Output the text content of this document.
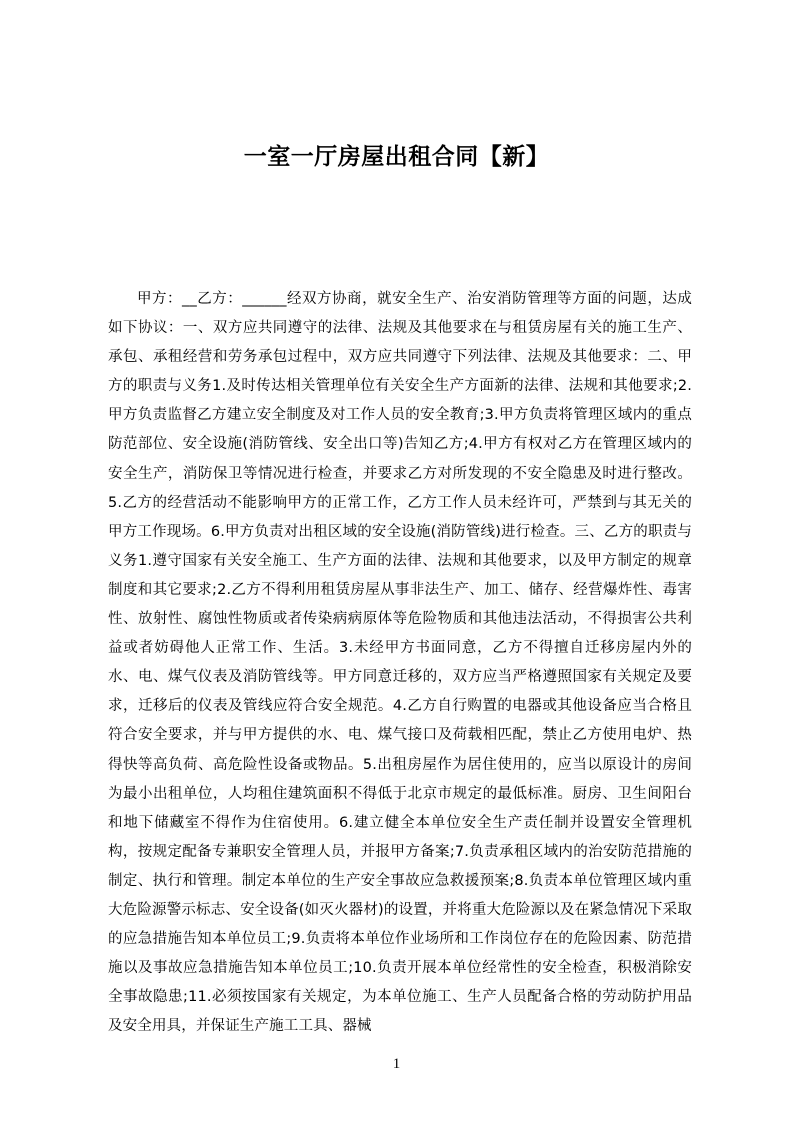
一室一厅房屋出租合同【新】

甲方：__乙方：______经双方协商，就安全生产、治安消防管理等方面的问题，达成如下协议：一、双方应共同遵守的法律、法规及其他要求在与租赁房屋有关的施工生产、承包、承租经营和劳务承包过程中，双方应共同遵守下列法律、法规及其他要求：二、甲方的职责与义务1.及时传达相关管理单位有关安全生产方面新的法律、法规和其他要求;2.甲方负责监督乙方建立安全制度及对工作人员的安全教育;3.甲方负责将管理区域内的重点防范部位、安全设施(消防管线、安全出口等)告知乙方;4.甲方有权对乙方在管理区域内的安全生产，消防保卫等情况进行检查，并要求乙方对所发现的不安全隐患及时进行整改。5.乙方的经营活动不能影响甲方的正常工作，乙方工作人员未经许可，严禁到与其无关的甲方工作现场。6.甲方负责对出租区域的安全设施(消防管线)进行检查。三、乙方的职责与义务1.遵守国家有关安全施工、生产方面的法律、法规和其他要求，以及甲方制定的规章制度和其它要求;2.乙方不得利用租赁房屋从事非法生产、加工、储存、经营爆炸性、毒害性、放射性、腐蚀性物质或者传染病病原体等危险物质和其他违法活动，不得损害公共利益或者妨碍他人正常工作、生活。3.未经甲方书面同意，乙方不得擅自迁移房屋内外的水、电、煤气仪表及消防管线等。甲方同意迁移的，双方应当严格遵照国家有关规定及要求，迁移后的仪表及管线应符合安全规范。4.乙方自行购置的电器或其他设备应当合格且符合安全要求，并与甲方提供的水、电、煤气接口及荷载相匹配，禁止乙方使用电炉、热得快等高负荷、高危险性设备或物品。5.出租房屋作为居住使用的，应当以原设计的房间为最小出租单位，人均租住建筑面积不得低于北京市规定的最低标准。厨房、卫生间阳台和地下储藏室不得作为住宿使用。6.建立健全本单位安全生产责任制并设置安全管理机构，按规定配备专兼职安全管理人员，并报甲方备案;7.负责承租区域内的治安防范措施的制定、执行和管理。制定本单位的生产安全事故应急救援预案;8.负责本单位管理区域内重大危险源警示标志、安全设备(如灭火器材)的设置，并将重大危险源以及在紧急情况下采取的应急措施告知本单位员工;9.负责将本单位作业场所和工作岗位存在的危险因素、防范措施以及事故应急措施告知本单位员工;10.负责开展本单位经常性的安全检查，积极消除安全事故隐患;11.必须按国家有关规定，为本单位施工、生产人员配备合格的劳动防护用品及安全用具，并保证生产施工工具、器械

1
